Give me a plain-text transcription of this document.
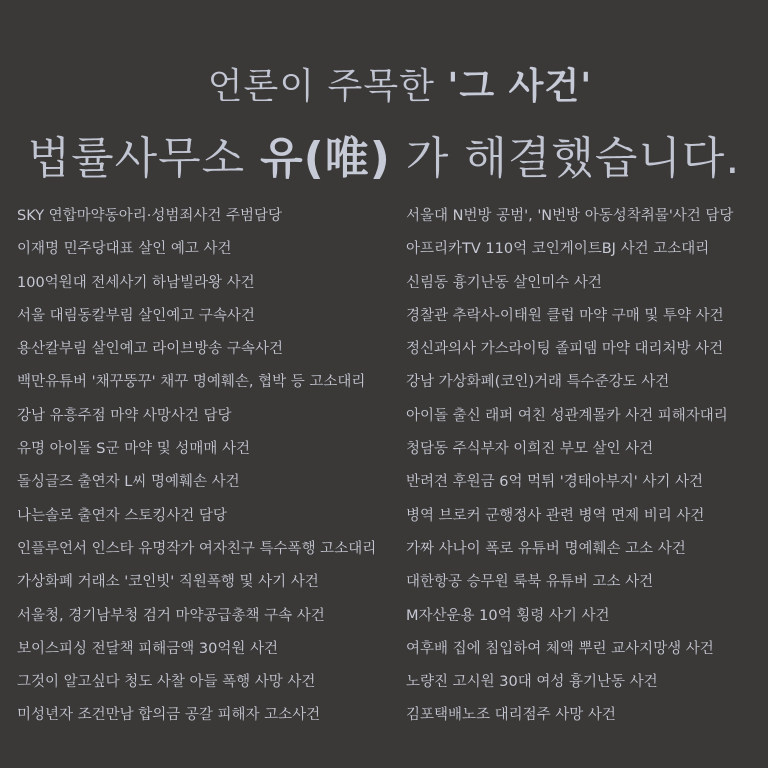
언론이 주목한 '그 사건'
법률사무소 유(唯) 가 해결했습니다.
SKY 연합마약동아리·성범죄사건 주범담당
이재명 민주당대표 살인 예고 사건
100억원대 전세사기 하남빌라왕 사건
서울 대림동칼부림 살인예고 구속사건
용산칼부림 살인예고 라이브방송 구속사건
백만유튜버 '채꾸뚱꾸' 채꾸 명예훼손, 협박 등 고소대리
강남 유흥주점 마약 사망사건 담당
유명 아이돌 S군 마약 및 성매매 사건
돌싱글즈 출연자 L씨 명예훼손 사건
나는솔로 출연자 스토킹사건 담당
인플루언서 인스타 유명작가 여자친구 특수폭행 고소대리
가상화폐 거래소 '코인빗' 직원폭행 및 사기 사건
서울청, 경기남부청 검거 마약공급총책 구속 사건
보이스피싱 전달책 피해금액 30억원 사건
그것이 알고싶다 청도 사찰 아들 폭행 사망 사건
미성년자 조건만남 합의금 공갈 피해자 고소사건
서울대 N번방 공범', 'N번방 아동성착취물'사건 담당
아프리카TV 110억 코인게이트BJ 사건 고소대리
신림동 흉기난동 살인미수 사건
경찰관 추락사-이태원 클럽 마약 구매 및 투약 사건
정신과의사 가스라이팅 졸피뎀 마약 대리처방 사건
강남 가상화폐(코인)거래 특수준강도 사건
아이돌 출신 래퍼 여친 성관계몰카 사건 피해자대리
청담동 주식부자 이희진 부모 살인 사건
반려견 후원금 6억 먹튀 '경태아부지' 사기 사건
병역 브로커 군행정사 관련 병역 면제 비리 사건
가짜 사나이 폭로 유튜버 명예훼손 고소 사건
대한항공 승무원 룩북 유튜버 고소 사건
M자산운용 10억 횡령 사기 사건
여후배 집에 침입하여 체액 뿌린 교사지망생 사건
노량진 고시원 30대 여성 흉기난동 사건
김포택배노조 대리점주 사망 사건
